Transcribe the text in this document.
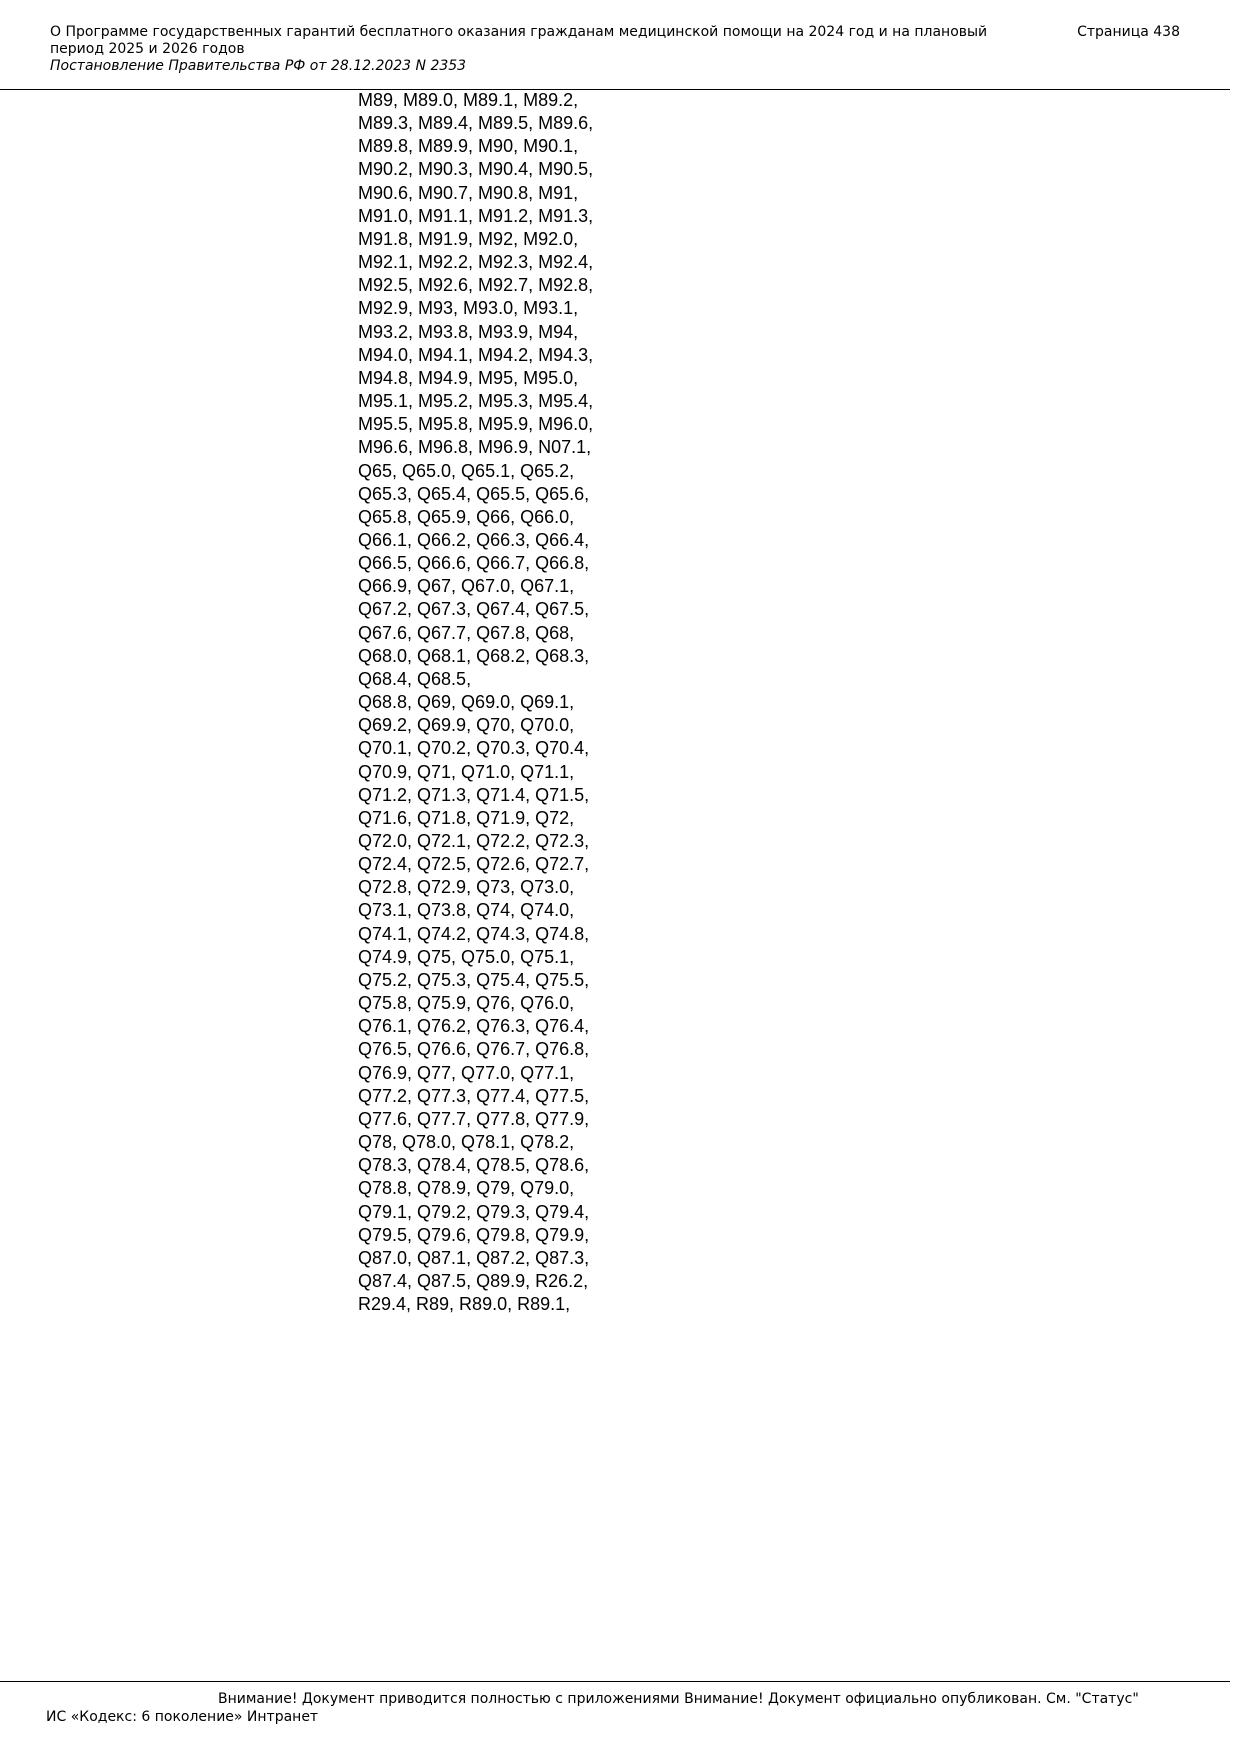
О Программе государственных гарантий бесплатного оказания гражданам медицинской помощи на 2024 год и на плановый период 2025 и 2026 годов
Страница 438
Постановление Правительства РФ от 28.12.2023 N 2353
M89, M89.0, M89.1, M89.2,
M89.3, M89.4, M89.5, M89.6,
M89.8, M89.9, M90, M90.1,
M90.2, M90.3, M90.4, M90.5,
M90.6, M90.7, M90.8, M91,
M91.0, M91.1, M91.2, M91.3,
M91.8, M91.9, M92, M92.0,
M92.1, M92.2, M92.3, M92.4,
M92.5, M92.6, M92.7, M92.8,
M92.9, M93, M93.0, M93.1,
M93.2, M93.8, M93.9, M94,
M94.0, M94.1, M94.2, M94.3,
M94.8, M94.9, M95, M95.0,
M95.1, M95.2, M95.3, M95.4,
M95.5, M95.8, M95.9, M96.0,
M96.6, M96.8, M96.9, N07.1,
Q65, Q65.0, Q65.1, Q65.2,
Q65.3, Q65.4, Q65.5, Q65.6,
Q65.8, Q65.9, Q66, Q66.0,
Q66.1, Q66.2, Q66.3, Q66.4,
Q66.5, Q66.6, Q66.7, Q66.8,
Q66.9, Q67, Q67.0, Q67.1,
Q67.2, Q67.3, Q67.4, Q67.5,
Q67.6, Q67.7, Q67.8, Q68,
Q68.0, Q68.1, Q68.2, Q68.3,
Q68.4, Q68.5,
Q68.8, Q69, Q69.0, Q69.1,
Q69.2, Q69.9, Q70, Q70.0,
Q70.1, Q70.2, Q70.3, Q70.4,
Q70.9, Q71, Q71.0, Q71.1,
Q71.2, Q71.3, Q71.4, Q71.5,
Q71.6, Q71.8, Q71.9, Q72,
Q72.0, Q72.1, Q72.2, Q72.3,
Q72.4, Q72.5, Q72.6, Q72.7,
Q72.8, Q72.9, Q73, Q73.0,
Q73.1, Q73.8, Q74, Q74.0,
Q74.1, Q74.2, Q74.3, Q74.8,
Q74.9, Q75, Q75.0, Q75.1,
Q75.2, Q75.3, Q75.4, Q75.5,
Q75.8, Q75.9, Q76, Q76.0,
Q76.1, Q76.2, Q76.3, Q76.4,
Q76.5, Q76.6, Q76.7, Q76.8,
Q76.9, Q77, Q77.0, Q77.1,
Q77.2, Q77.3, Q77.4, Q77.5,
Q77.6, Q77.7, Q77.8, Q77.9,
Q78, Q78.0, Q78.1, Q78.2,
Q78.3, Q78.4, Q78.5, Q78.6,
Q78.8, Q78.9, Q79, Q79.0,
Q79.1, Q79.2, Q79.3, Q79.4,
Q79.5, Q79.6, Q79.8, Q79.9,
Q87.0, Q87.1, Q87.2, Q87.3,
Q87.4, Q87.5, Q89.9, R26.2,
R29.4, R89, R89.0, R89.1,
Внимание! Документ приводится полностью с приложениями Внимание! Документ официально опубликован. См. "Статус"
ИС «Кодекс: 6 поколение» Интранет
